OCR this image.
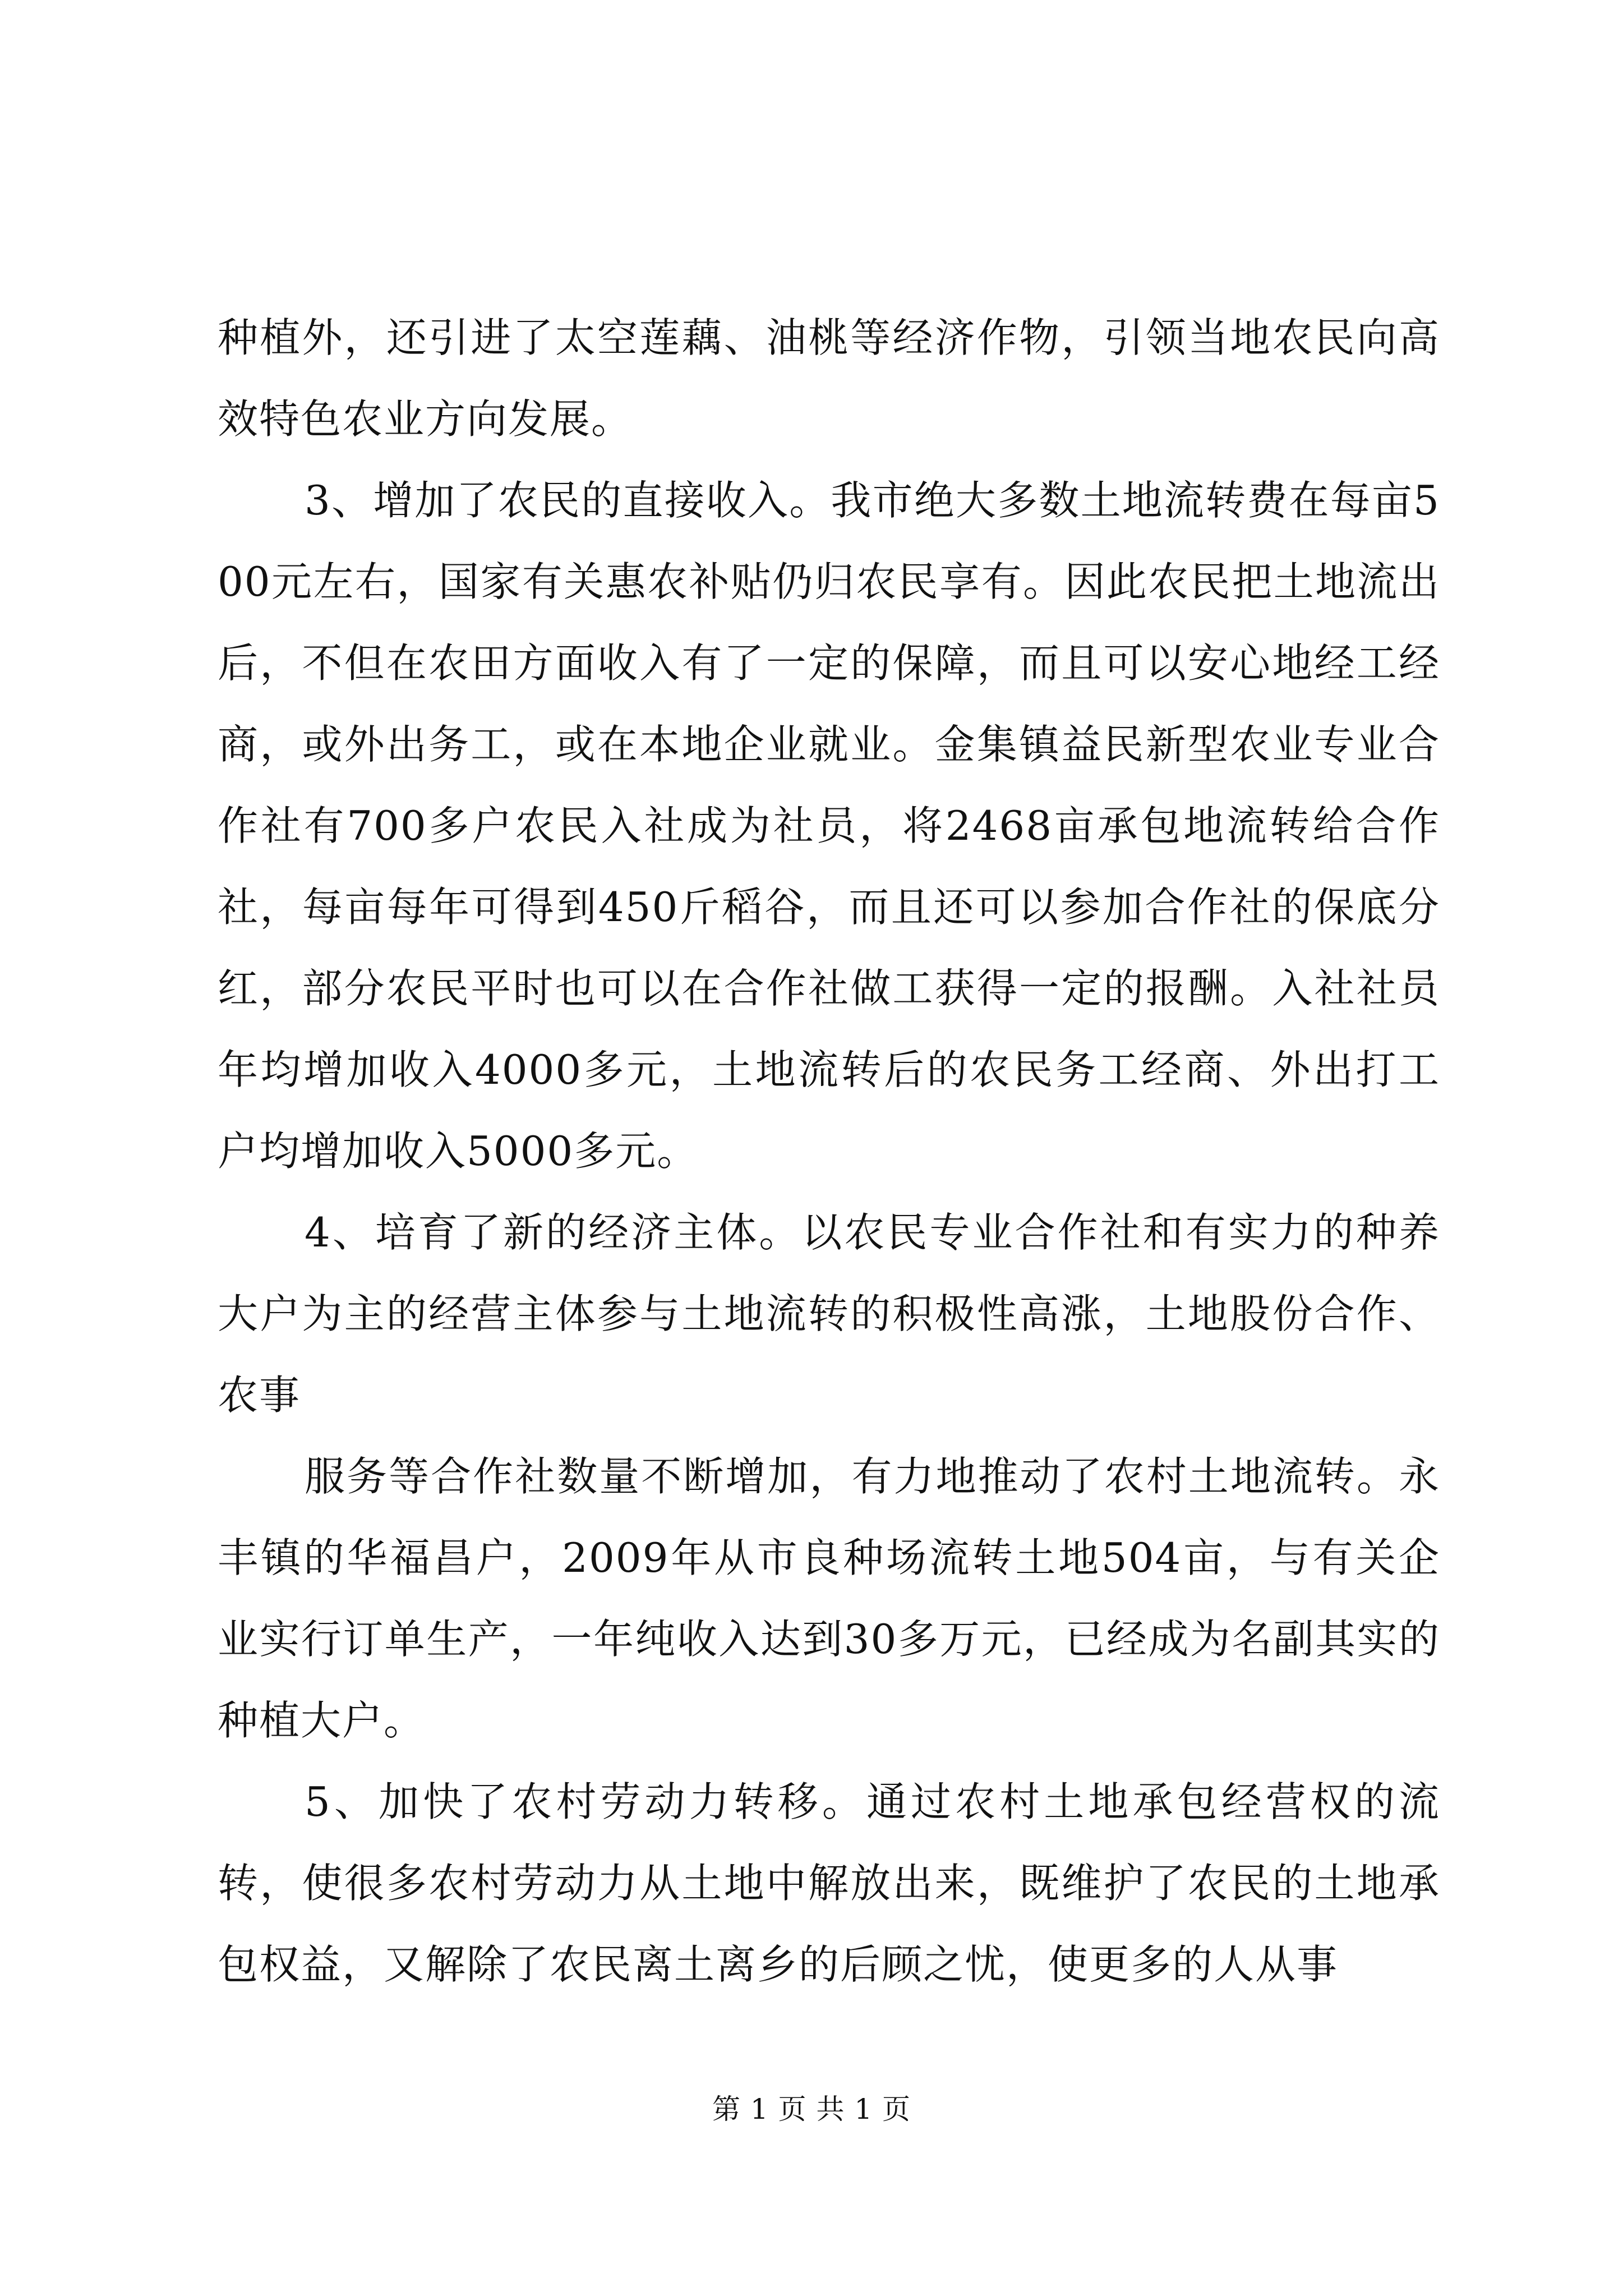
种植外，还引进了太空莲藕、油桃等经济作物，引领当地农民向高效特色农业方向发展。

3、增加了农民的直接收入。我市绝大多数土地流转费在每亩500元左右，国家有关惠农补贴仍归农民享有。因此农民把土地流出后，不但在农田方面收入有了一定的保障，而且可以安心地经工经商，或外出务工，或在本地企业就业。金集镇益民新型农业专业合作社有700多户农民入社成为社员，将2468亩承包地流转给合作社，每亩每年可得到450斤稻谷，而且还可以参加合作社的保底分红，部分农民平时也可以在合作社做工获得一定的报酬。入社社员年均增加收入4000多元，土地流转后的农民务工经商、外出打工户均增加收入5000多元。

4、培育了新的经济主体。以农民专业合作社和有实力的种养大户为主的经营主体参与土地流转的积极性高涨，土地股份合作、农事

服务等合作社数量不断增加，有力地推动了农村土地流转。永丰镇的华福昌户，2009年从市良种场流转土地504亩，与有关企业实行订单生产，一年纯收入达到30多万元，已经成为名副其实的种植大户。

5、加快了农村劳动力转移。通过农村土地承包经营权的流转，使很多农村劳动力从土地中解放出来，既维护了农民的土地承包权益，又解除了农民离土离乡的后顾之忧，使更多的人从事

第 1 页 共 1 页
